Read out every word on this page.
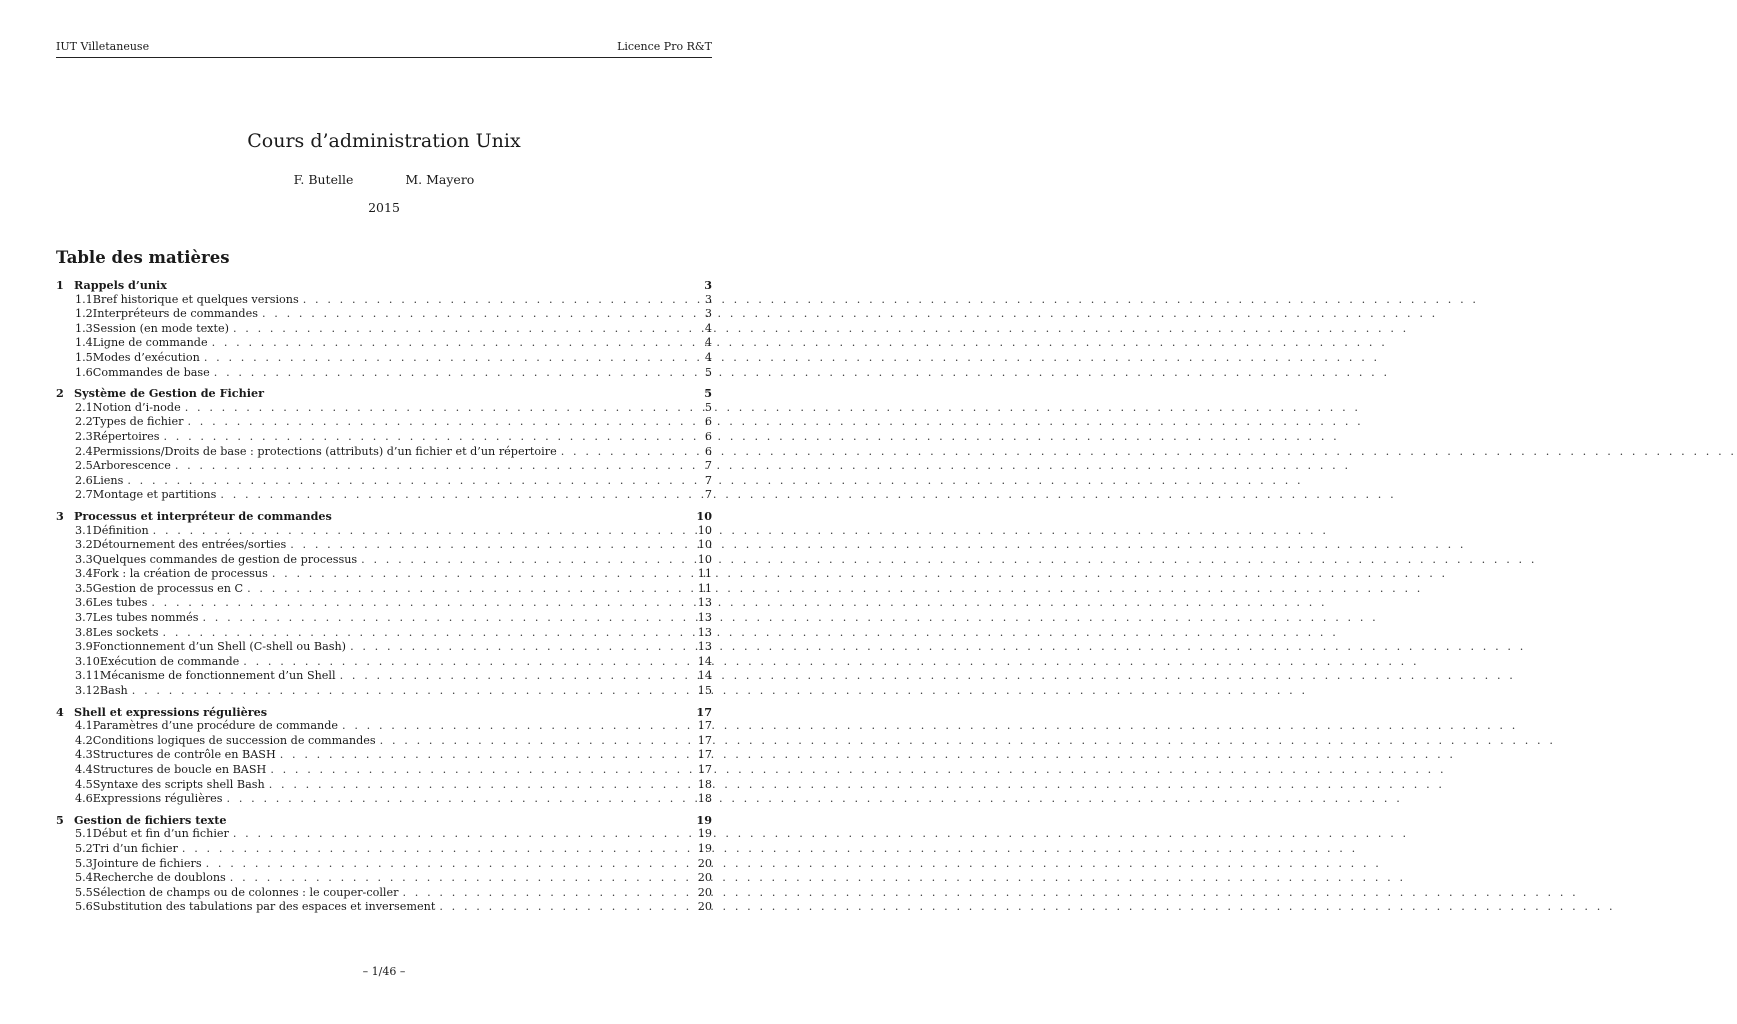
IUT Villetaneuse	Licence Pro R&T
Cours d’administration Unix
F. Butelle	M. Mayero
2015
Table des matières
1 Rappels d’unix	3
1.1 Bref historique et quelques versions . . .	3
1.2 Interpréteurs de commandes . . .	3
1.3 Session (en mode texte) . . .	4
1.4 Ligne de commande . . .	4
1.5 Modes d’exécution . . .	4
1.6 Commandes de base . . .	5
2 Système de Gestion de Fichier	5
2.1 Notion d’i-node . . .	5
2.2 Types de fichier . . .	6
2.3 Répertoires . . .	6
2.4 Permissions/Droits de base : protections (attributs) d’un fichier et d’un répertoire . . .	6
2.5 Arborescence . . .	7
2.6 Liens . . .	7
2.7 Montage et partitions . . .	7
3 Processus et interpréteur de commandes	10
3.1 Définition . . .	10
3.2 Détournement des entrées/sorties . . .	10
3.3 Quelques commandes de gestion de processus . . .	10
3.4 Fork : la création de processus . . .	11
3.5 Gestion de processus en C . . .	11
3.6 Les tubes . . .	13
3.7 Les tubes nommés . . .	13
3.8 Les sockets . . .	13
3.9 Fonctionnement d’un Shell (C-shell ou Bash) . . .	13
3.10 Exécution de commande . . .	14
3.11 Mécanisme de fonctionnement d’un Shell . . .	14
3.12 Bash . . .	15
4 Shell et expressions régulières	17
4.1 Paramètres d’une procédure de commande . . .	17
4.2 Conditions logiques de succession de commandes . . .	17
4.3 Structures de contrôle en BASH . . .	17
4.4 Structures de boucle en BASH . . .	17
4.5 Syntaxe des scripts shell Bash . . .	18
4.6 Expressions régulières . . .	18
5 Gestion de fichiers texte	19
5.1 Début et fin d’un fichier . . .	19
5.2 Tri d’un fichier . . .	19
5.3 Jointure de fichiers . . .	20
5.4 Recherche de doublons . . .	20
5.5 Sélection de champs ou de colonnes : le couper-coller . . .	20
5.6 Substitution des tabulations par des espaces et inversement . . .	20
– 1/46 –
